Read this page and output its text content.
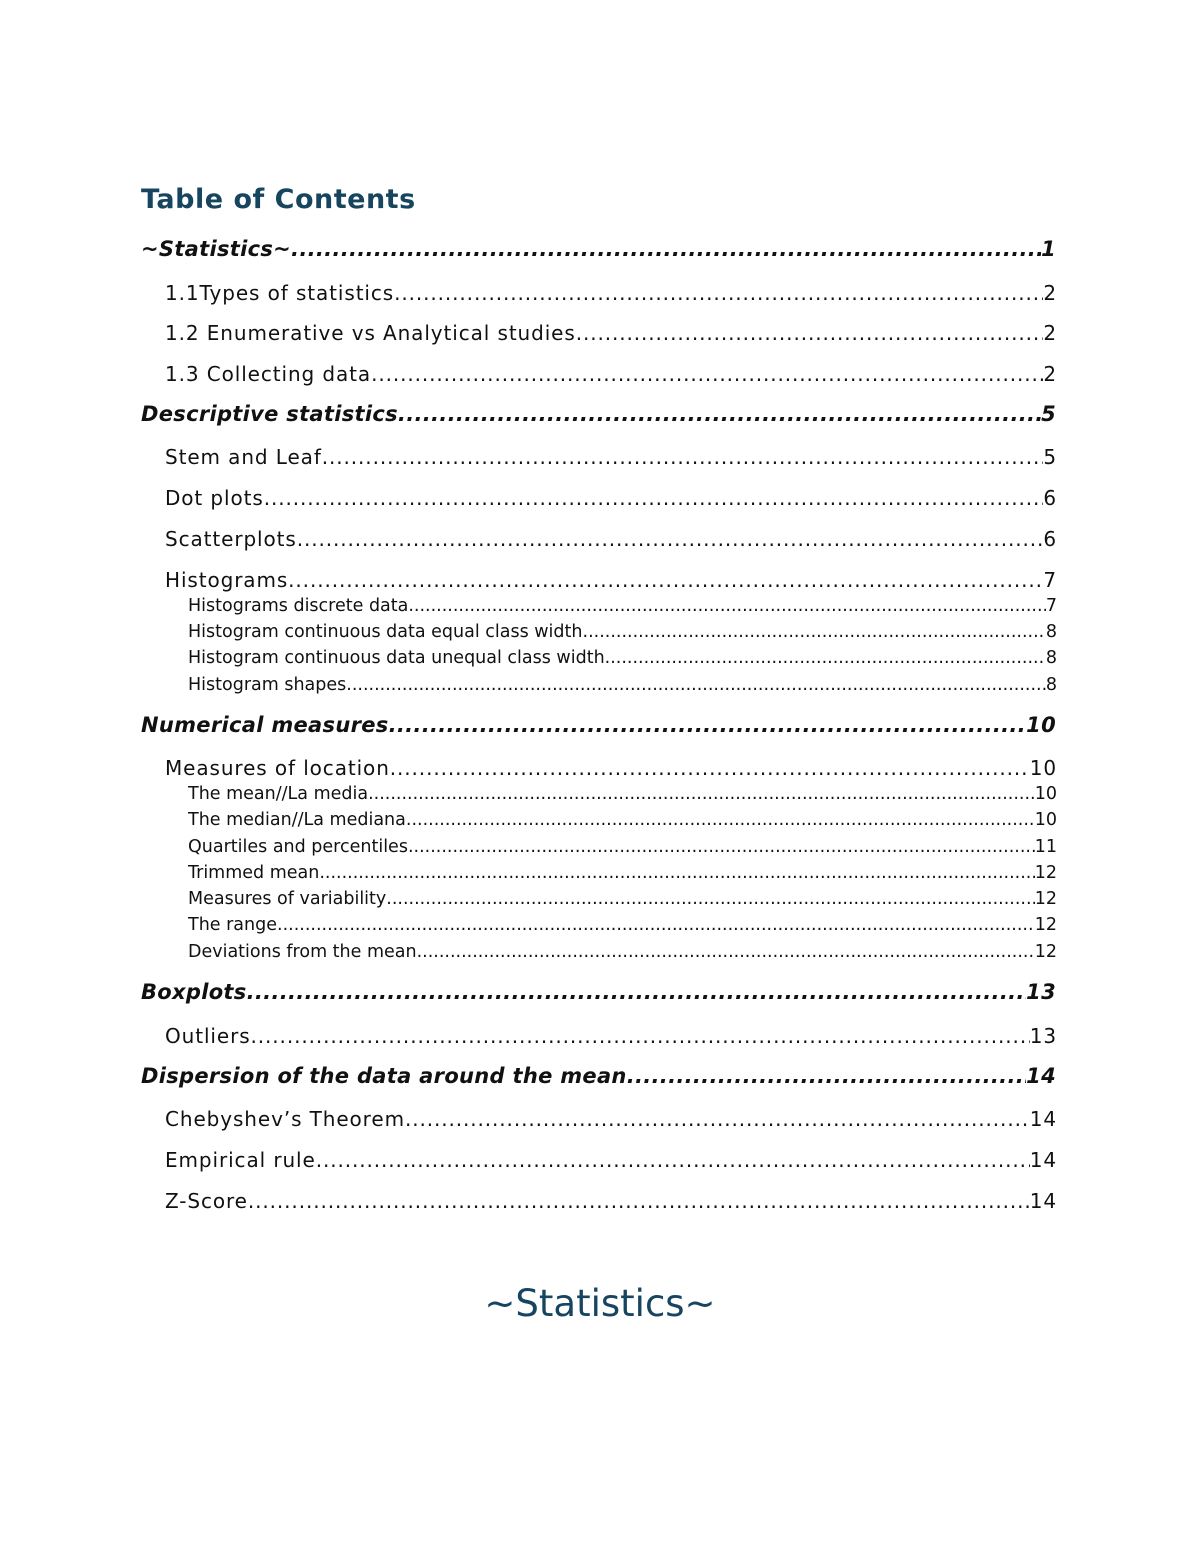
Table of Contents
~Statistics~ .....	1
1.1Types of statistics .....	2
1.2 Enumerative vs Analytical studies .....	2
1.3 Collecting data .....	2
Descriptive statistics .....	5
Stem and Leaf .....	5
Dot plots .....	6
Scatterplots .....	6
Histograms .....	7
Histograms discrete data .....	7
Histogram continuous data equal class width .....	8
Histogram continuous data unequal class width .....	8
Histogram shapes .....	8
Numerical measures .....	10
Measures of location .....	10
The mean//La media .....	10
The median//La mediana .....	10
Quartiles and percentiles .....	11
Trimmed mean .....	12
Measures of variability .....	12
The range .....	12
Deviations from the mean .....	12
Boxplots .....	13
Outliers .....	13
Dispersion of the data around the mean .....	14
Chebyshev’s Theorem .....	14
Empirical rule .....	14
Z-Score .....	14
~Statistics~
